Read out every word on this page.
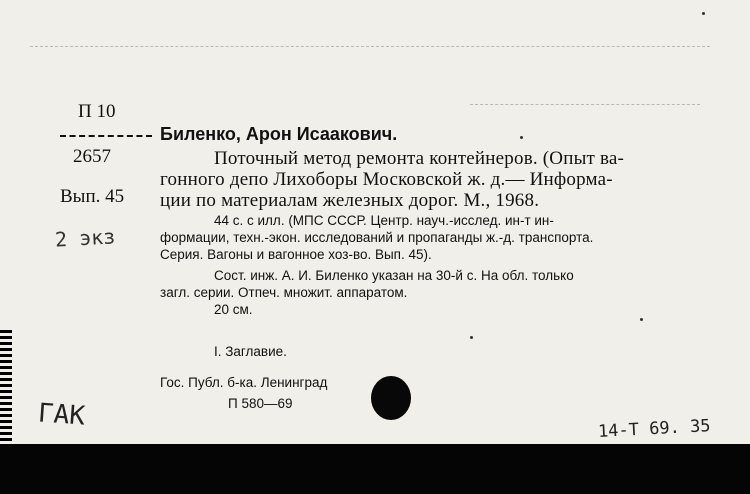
П 10
2657
Вып. 45
2 экз
Биленко, Арон Исаакович.
Поточный метод ремонта контейнеров. (Опыт ва-
гонного депо Лихоборы Московской ж. д.— Информа-
ции по материалам железных дорог. М., 1968.
44 с. с илл. (МПС СССР. Центр. науч.-исслед. ин-т ин-
формации, техн.-экон. исследований и пропаганды ж.-д. транспорта.
Серия. Вагоны и вагонное хоз-во. Вып. 45).
Сост. инж. А. И. Биленко указан на 30-й с. На обл. только
загл. серии. Отпеч. множит. аппаратом.
20 см.
I. Заглавие.
Гос. Публ. б-ка. Ленинград
П 580—69
ГАК	14-Т 69. 35
